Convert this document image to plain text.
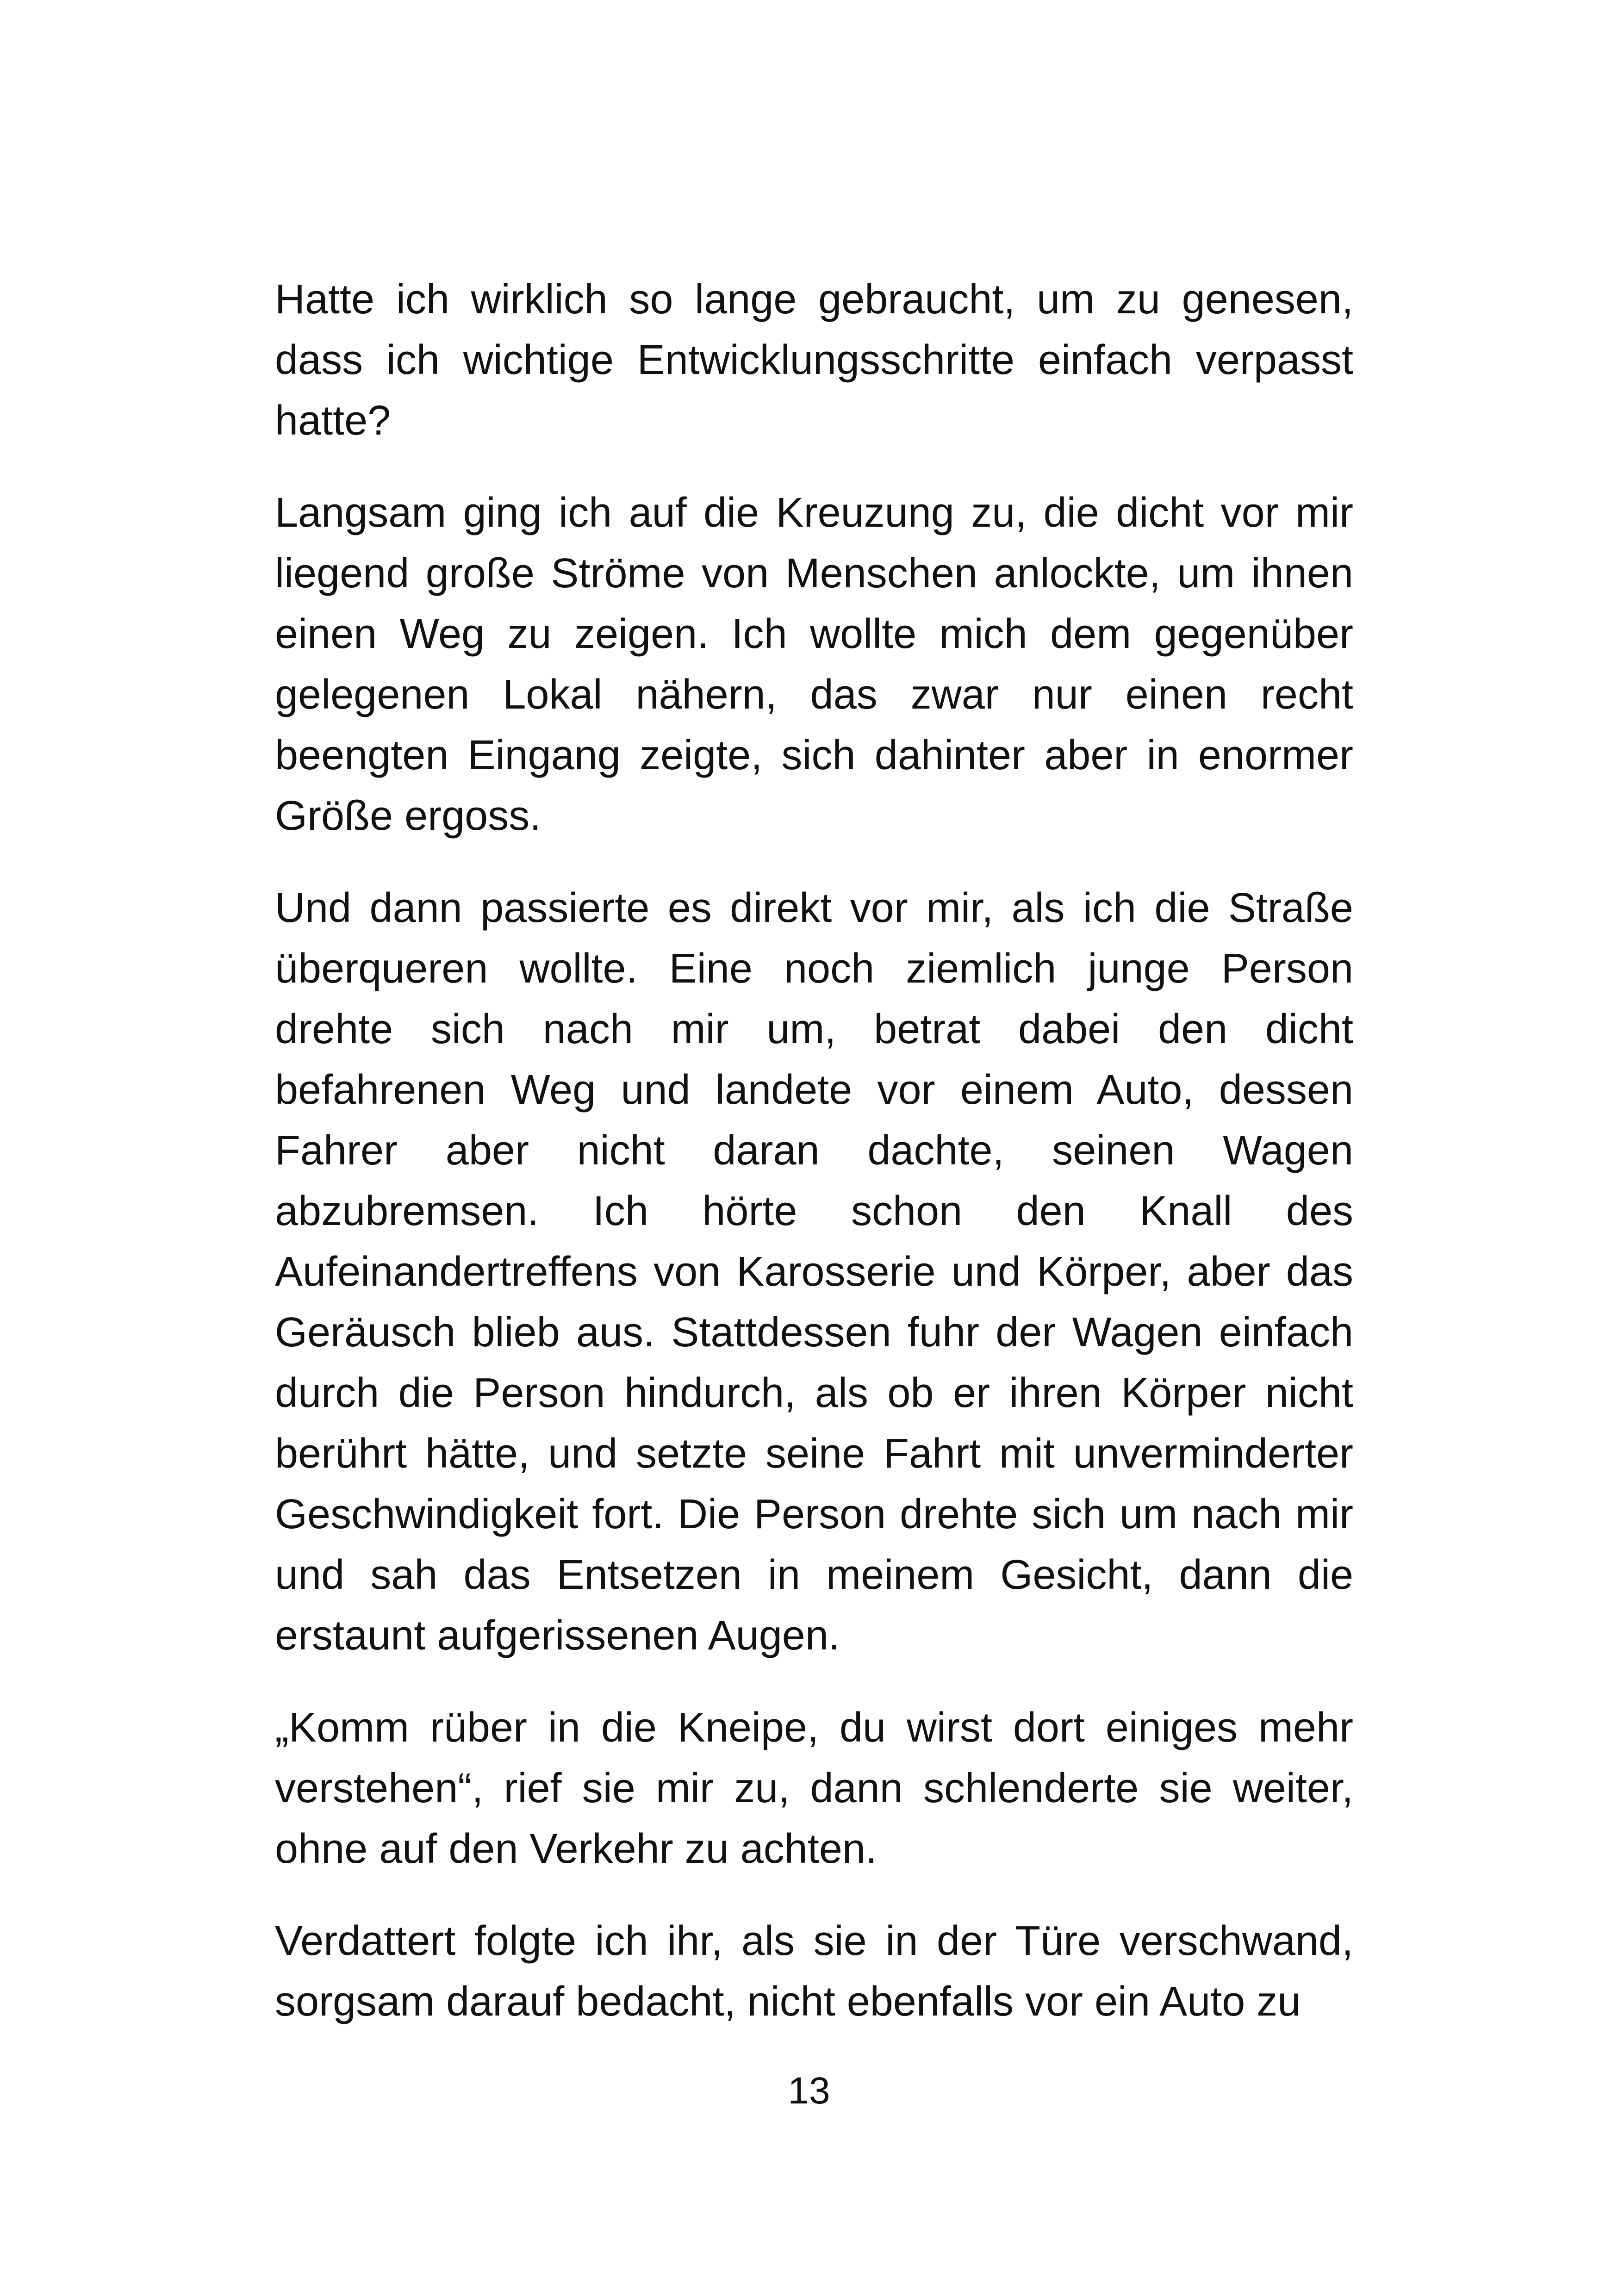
Hatte ich wirklich so lange gebraucht, um zu genesen, dass ich wichtige Entwicklungsschritte einfach verpasst hatte?

Langsam ging ich auf die Kreuzung zu, die dicht vor mir liegend große Ströme von Menschen anlockte, um ihnen einen Weg zu zeigen. Ich wollte mich dem gegenüber gelegenen Lokal nähern, das zwar nur einen recht beengten Eingang zeigte, sich dahinter aber in enormer Größe ergoss.

Und dann passierte es direkt vor mir, als ich die Straße überqueren wollte. Eine noch ziemlich junge Person drehte sich nach mir um, betrat dabei den dicht befahrenen Weg und landete vor einem Auto, dessen Fahrer aber nicht daran dachte, seinen Wagen abzubremsen. Ich hörte schon den Knall des Aufeinandertreffens von Karosserie und Körper, aber das Geräusch blieb aus. Stattdessen fuhr der Wagen einfach durch die Person hindurch, als ob er ihren Körper nicht berührt hätte, und setzte seine Fahrt mit unverminderter Geschwindigkeit fort. Die Person drehte sich um nach mir und sah das Entsetzen in meinem Gesicht, dann die erstaunt aufgerissenen Augen.

„Komm rüber in die Kneipe, du wirst dort einiges mehr verstehen“, rief sie mir zu, dann schlenderte sie weiter, ohne auf den Verkehr zu achten.

Verdattert folgte ich ihr, als sie in der Türe verschwand, sorgsam darauf bedacht, nicht ebenfalls vor ein Auto zu

13
